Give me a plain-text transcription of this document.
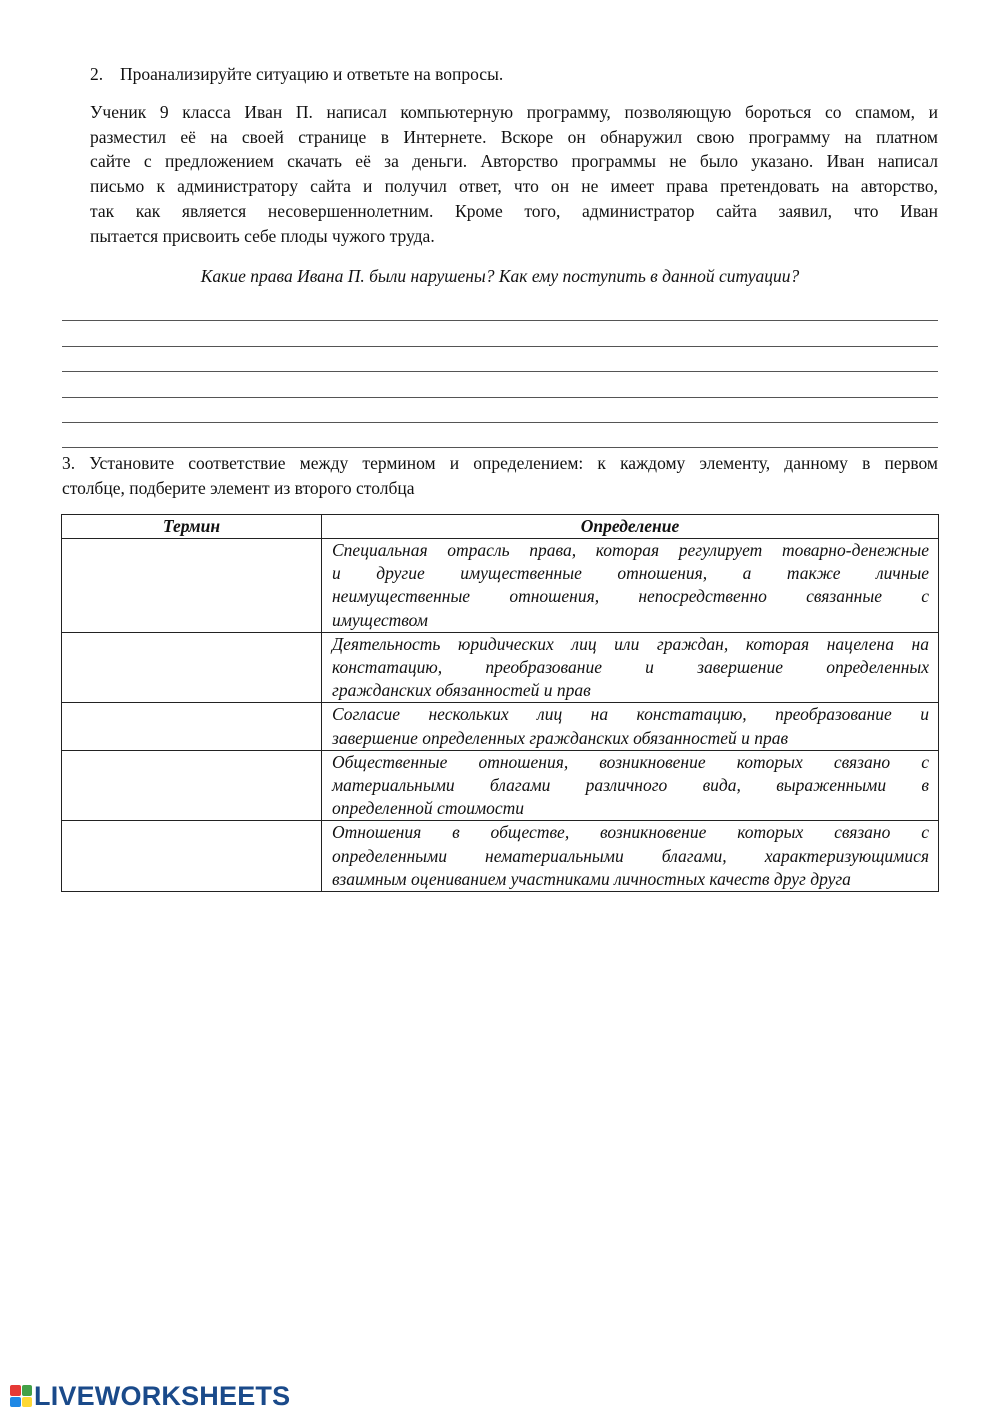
2. Проанализируйте ситуацию и ответьте на вопросы.
Ученик 9 класса Иван П. написал компьютерную программу, позволяющую бороться со спамом, и
разместил её на своей странице в Интернете. Вскоре он обнаружил свою программу на платном
сайте с предложением скачать её за деньги. Авторство программы не было указано. Иван написал
письмо к администратору сайта и получил ответ, что он не имеет права претендовать на авторство,
так как является несовершеннолетним. Кроме того, администратор сайта заявил, что Иван
пытается присвоить себе плоды чужого труда.
Какие права Ивана П. были нарушены? Как ему поступить в данной ситуации?
3. Установите соответствие между термином и определением: к каждому элементу, данному в первом
столбце, подберите элемент из второго столбца
Термин	Определение

	Специальная отрасль права, которая регулирует товарно-денежные
и другие имущественные отношения, а также личные
неимущественные отношения, непосредственно связанные с
имуществом

	Деятельность юридических лиц или граждан, которая нацелена на
констатацию, преобразование и завершение определенных
гражданских обязанностей и прав

	Согласие нескольких лиц на констатацию, преобразование и
завершение определенных гражданских обязанностей и прав

	Общественные отношения, возникновение которых связано с
материальными благами различного вида, выраженными в
определенной стоимости

	Отношения в обществе, возникновение которых связано с
определенными нематериальными благами, характеризующимися
взаимным оцениванием участниками личностных качеств друг друга
LIVEWORKSHEETS
